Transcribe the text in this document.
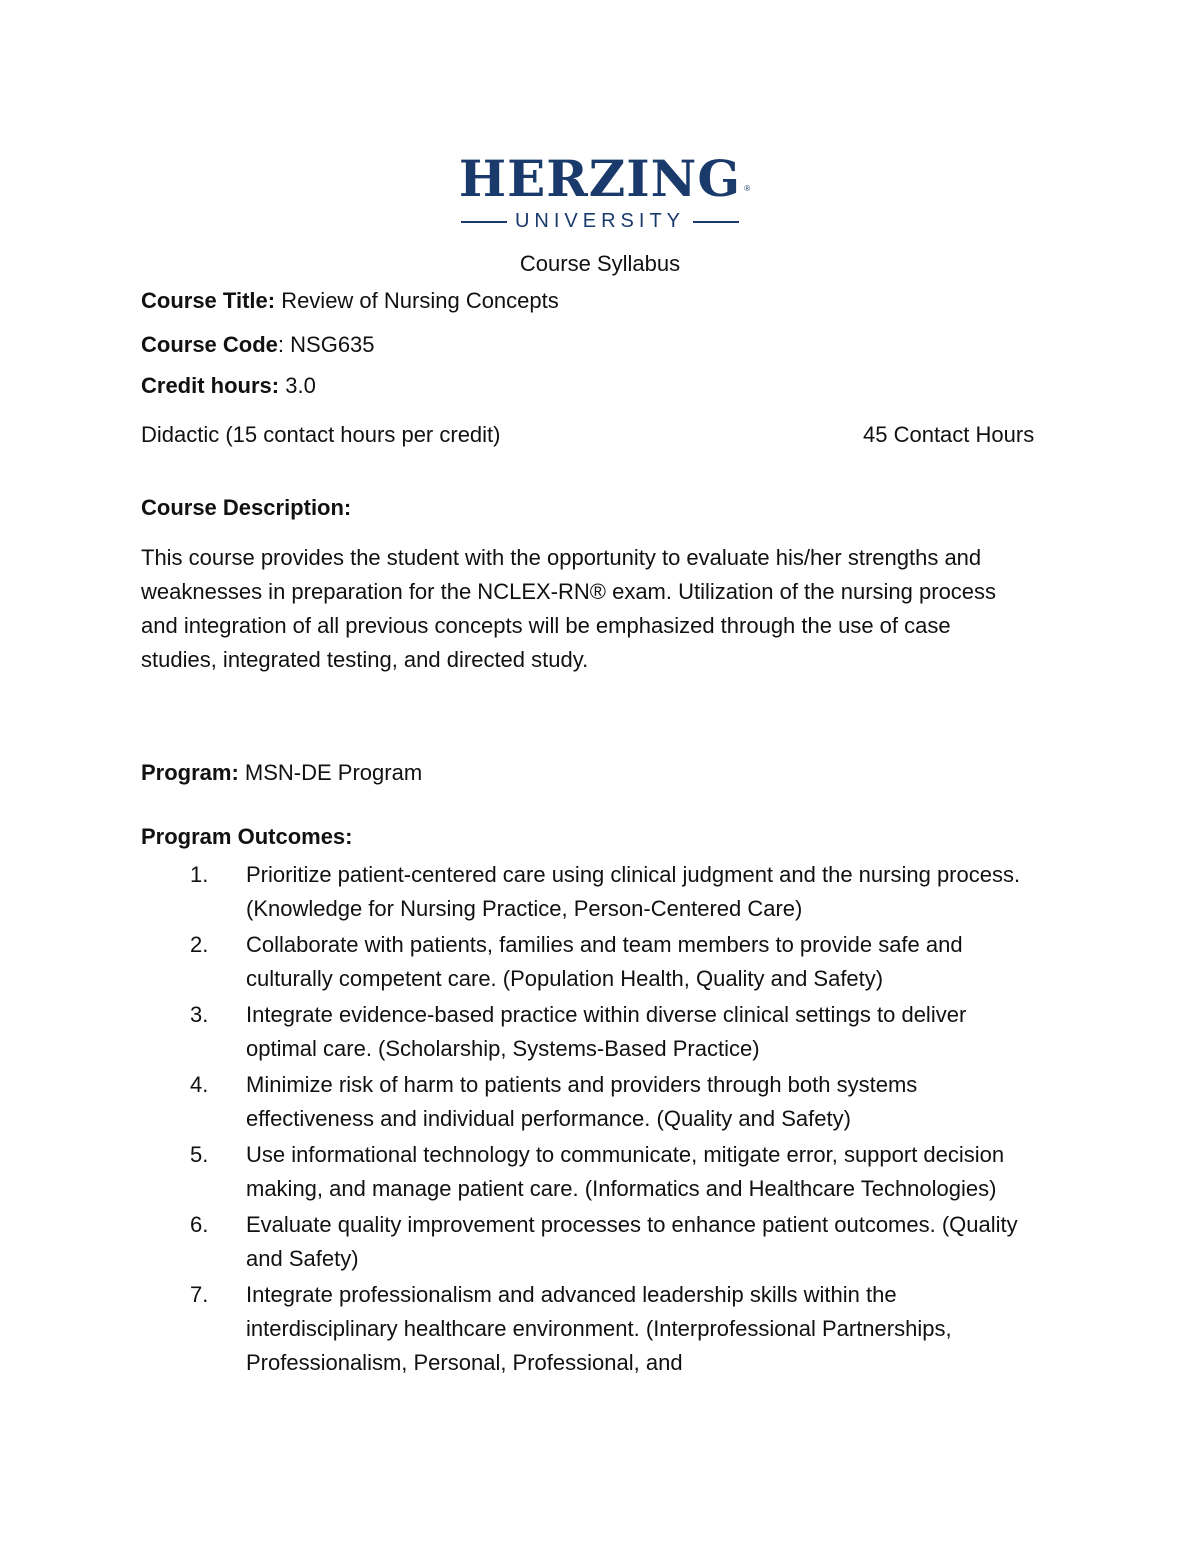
HERZING ®
UNIVERSITY
Course Syllabus
Course Title: Review of Nursing Concepts
Course Code: NSG635
Credit hours: 3.0
Didactic (15 contact hours per credit)	45 Contact Hours
Course Description:
This course provides the student with the opportunity to evaluate his/her strengths and weaknesses in preparation for the NCLEX-RN® exam. Utilization of the nursing process and integration of all previous concepts will be emphasized through the use of case studies, integrated testing, and directed study.
Program: MSN-DE Program
Program Outcomes:
1. Prioritize patient-centered care using clinical judgment and the nursing process. (Knowledge for Nursing Practice, Person-Centered Care)
2. Collaborate with patients, families and team members to provide safe and culturally competent care. (Population Health, Quality and Safety)
3. Integrate evidence-based practice within diverse clinical settings to deliver optimal care. (Scholarship, Systems-Based Practice)
4. Minimize risk of harm to patients and providers through both systems effectiveness and individual performance. (Quality and Safety)
5. Use informational technology to communicate, mitigate error, support decision making, and manage patient care. (Informatics and Healthcare Technologies)
6. Evaluate quality improvement processes to enhance patient outcomes. (Quality and Safety)
7. Integrate professionalism and advanced leadership skills within the interdisciplinary healthcare environment. (Interprofessional Partnerships, Professionalism, Personal, Professional, and
